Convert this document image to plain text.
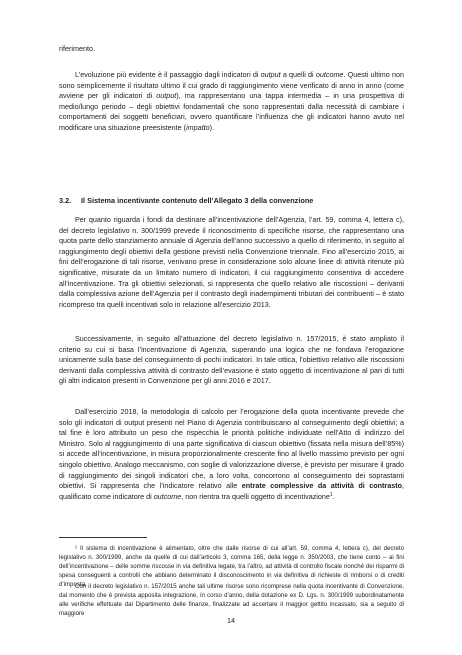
riferimento.

L’evoluzione più evidente è il passaggio dagli indicatori di output a quelli di outcome. Questi ultimo non sono semplicemente il risultato ultimo il cui grado di raggiungimento viene verificato di anno in anno (come avviene per gli indicatori di output), ma rappresentano una tappa intermedia – in una prospettiva di medio/lungo periodo – degli obiettivi fondamentali che sono rappresentati dalla necessità di cambiare i comportamenti dei soggetti beneficiari, ovvero quantificare l’influenza che gli indicatori hanno avuto nel modificare una situazione preesistente (impatto).

3.2. Il Sistema incentivante contenuto dell’Allegato 3 della convenzione

Per quanto riguarda i fondi da destinare all’incentivazione dell’Agenzia, l’art. 59, comma 4, lettera c), del decreto legislativo n. 300/1999 prevede il riconoscimento di specifiche risorse, che rappresentano una quota parte dello stanziamento annuale di Agenzia dell’anno successivo a quello di riferimento, in seguito al raggiungimento degli obiettivi della gestione previsti nella Convenzione triennale. Fino all’esercizio 2015, ai fini dell’erogazione di tali risorse, venivano prese in considerazione solo alcune linee di attività ritenute più significative, misurate da un limitato numero di indicatori, il cui raggiungimento consentiva di accedere all’incentivazione. Tra gli obiettivi selezionati, si rappresenta che quello relativo alle riscossioni – derivanti dalla complessiva azione dell’Agenzia per il contrasto degli inadempimenti tributari dei contribuenti – è stato ricompreso tra quelli incentivati solo in relazione all’esercizio 2013.

Successivamente, in seguito all’attuazione del decreto legislativo n. 157/2015, è stato ampliato il criterio su cui si basa l’incentivazione di Agenzia, superando una logica che ne fondava l’erogazione unicamente sulla base del conseguimento di pochi indicatori. In tale ottica, l’obiettivo relativo alle riscossioni derivanti dalla complessiva attività di contrasto dell’evasione è stato oggetto di incentivazione al pari di tutti gli altri indicatori presenti in Convenzione per gli anni 2016 e 2017.

Dall’esercizio 2018, la metodologia di calcolo per l’erogazione della quota incentivante prevede che solo gli indicatori di output presenti nel Piano di Agenzia contribuiscano al conseguimento degli obiettivi; a tal fine è loro attribuito un peso che rispecchia le priorità politiche individuate nell’Atto di indirizzo del Ministro. Solo al raggiungimento di una parte significativa di ciascun obiettivo (fissata nella misura dell’85%) si accede all’incentivazione, in misura proporzionalmente crescente fino al livello massimo previsto per ogni singolo obiettivo. Analogo meccanismo, con soglie di valorizzazione diverse, è previsto per misurare il grado di raggiungimento dei singoli indicatori che, a loro volta, concorrono al conseguimento dei soprastanti obiettivi. Si rappresenta che l’indicatore relativo alle entrate complessive da attività di contrasto, qualificato come indicatore di outcome, non rientra tra quelli oggetto di incentivazione$^1$.

¹ Il sistema di incentivazione è alimentato, oltre che dalle risorse di cui all’art. 59, comma 4, lettera c), del decreto legislativo n. 300/1999, anche da quelle di cui dall’articolo 3, comma 165, della legge n. 350/2003, che tiene conto – ai fini dell’incentivazione – delle somme riscosse in via definitiva legate, tra l’altro, ad attività di controllo fiscale nonché dei risparmi di spesa conseguenti a controlli che abbiano determinato il disconoscimento in via definitiva di richieste di rimborsi o di crediti d’imposta.

Con il decreto legislativo n. 157/2015 anche tali ultime risorse sono ricomprese nella quota incentivante di Convenzione, dal momento che è prevista apposita integrazione, in corso d’anno, della dotazione ex D. Lgs. n. 300/1999 subordinatamente alle verifiche effettuate dal Dipartimento delle finanze, finalizzate ad accertare il maggior gettito incassato, sia a seguito di maggiore

14
